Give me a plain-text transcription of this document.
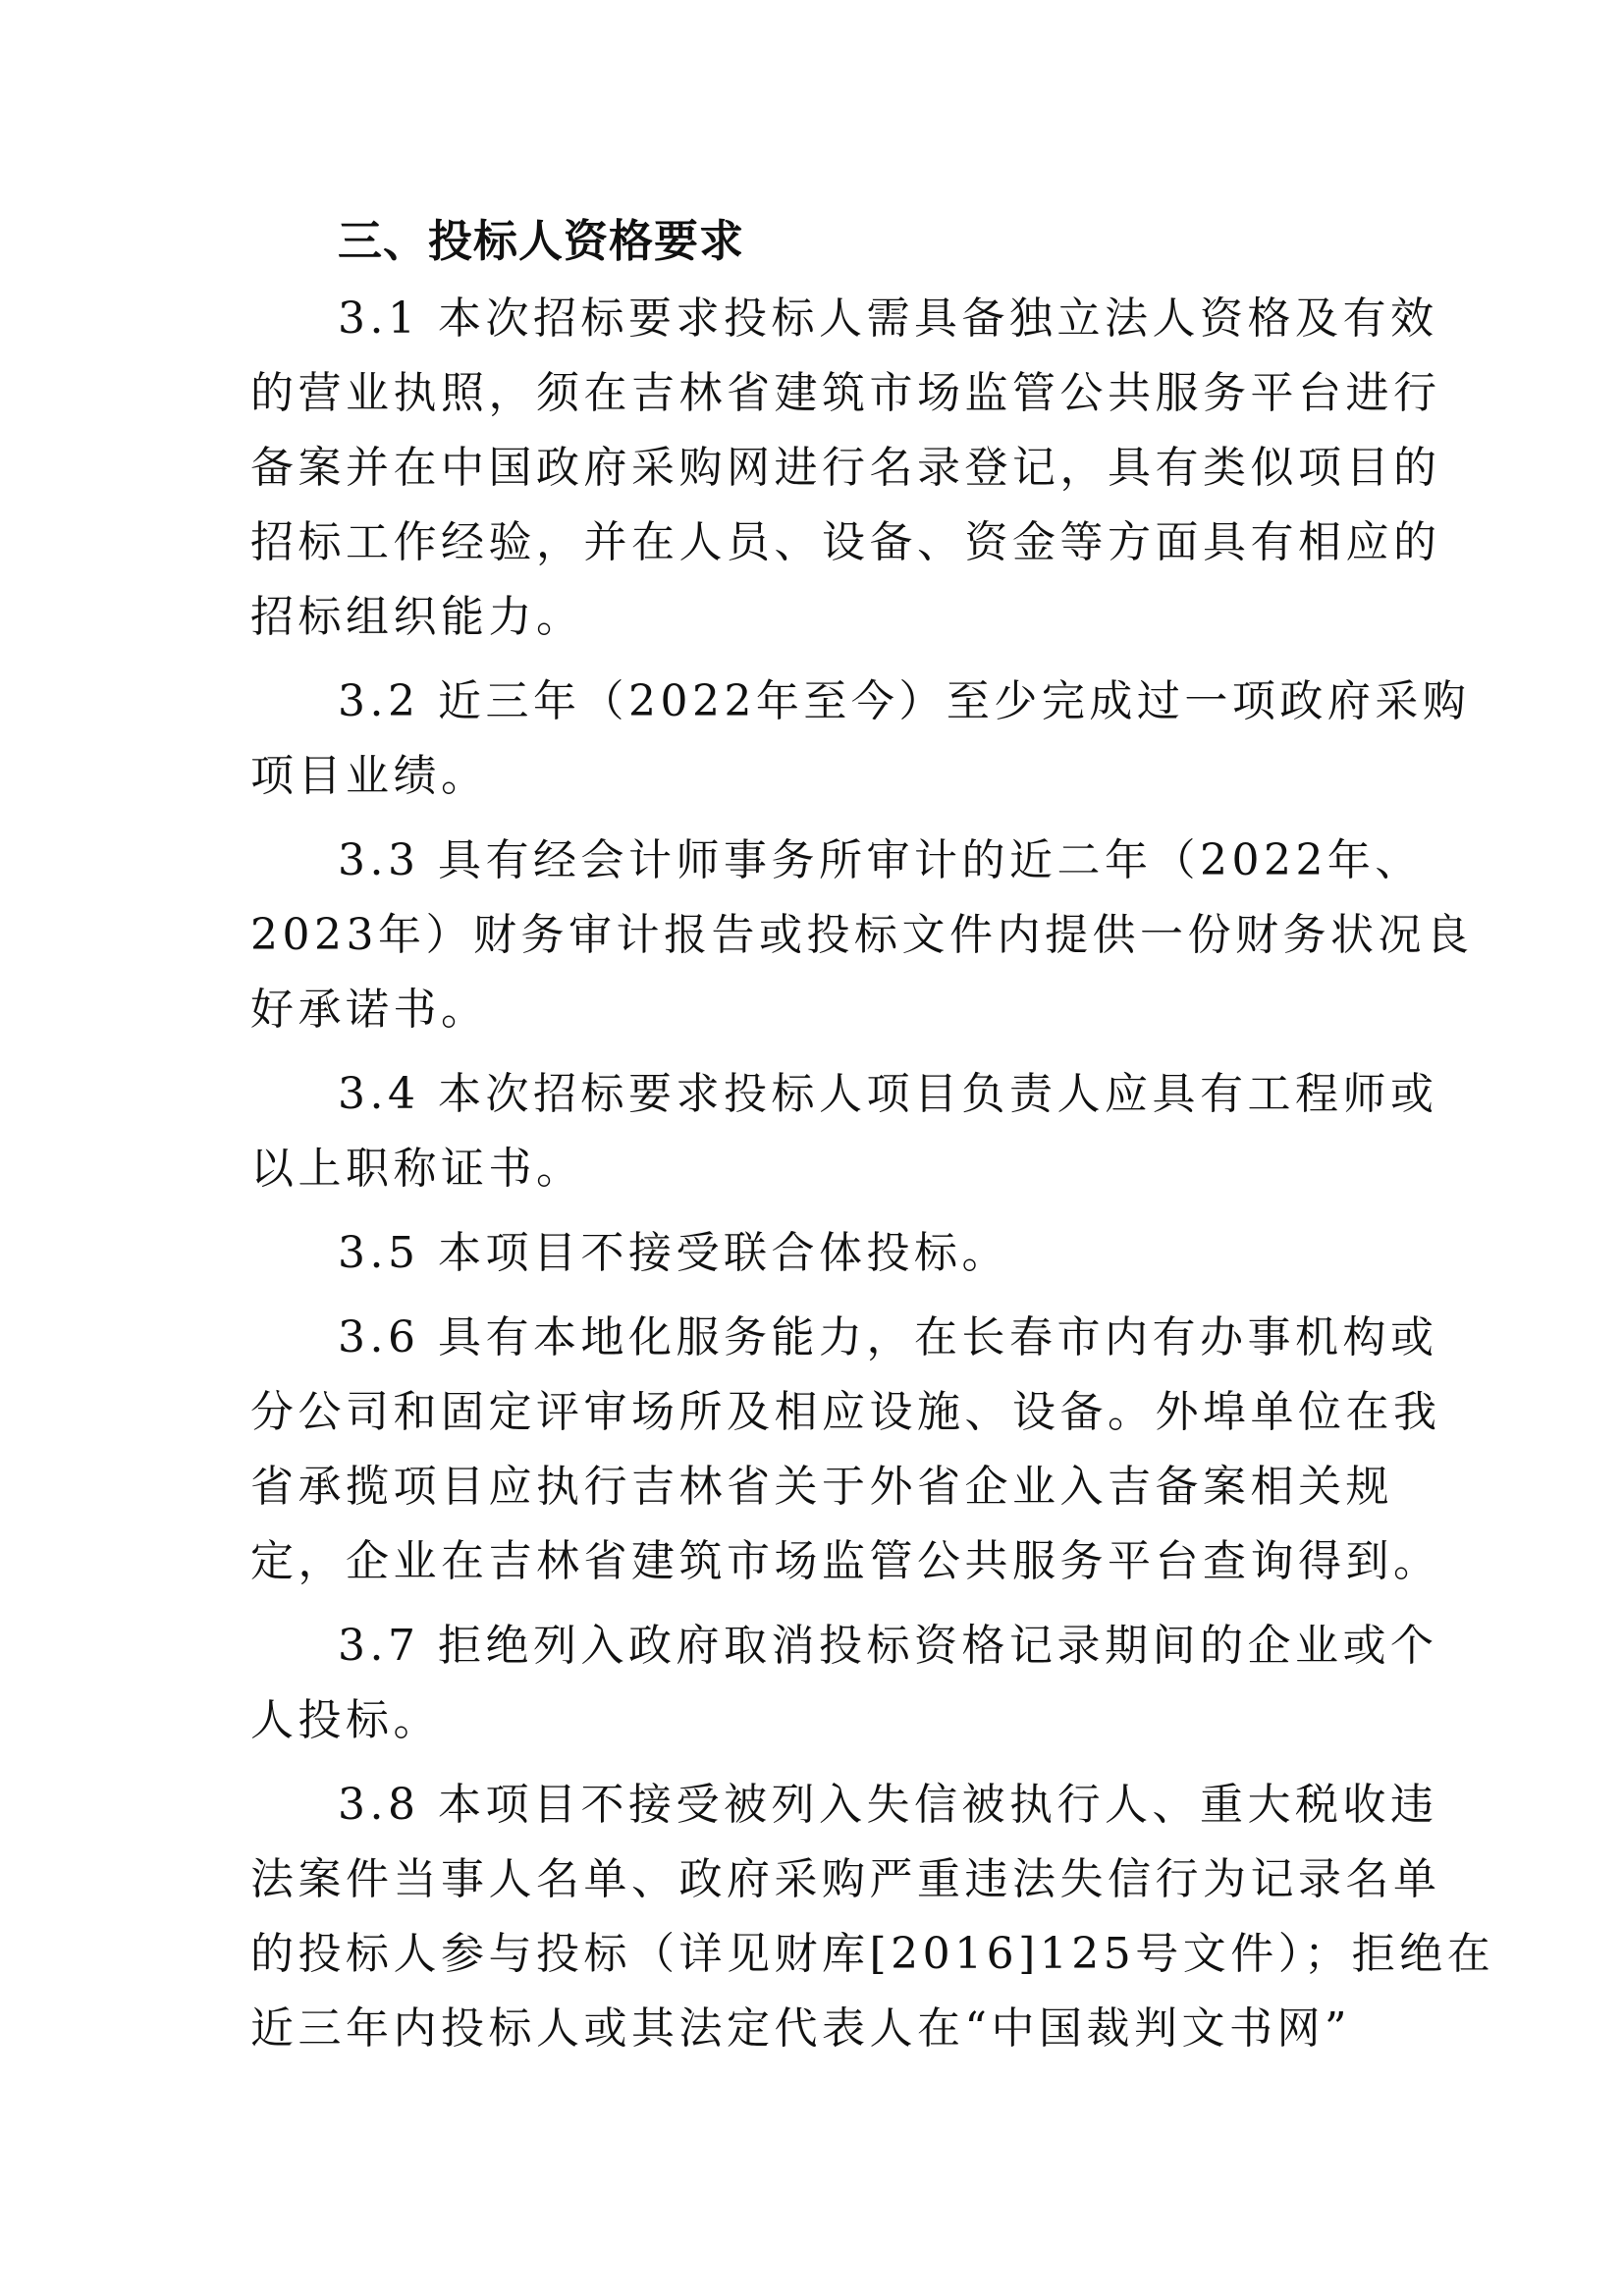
三、投标人资格要求
3.1 本次招标要求投标人需具备独立法人资格及有效
的营业执照，须在吉林省建筑市场监管公共服务平台进行
备案并在中国政府采购网进行名录登记，具有类似项目的
招标工作经验，并在人员、设备、资金等方面具有相应的
招标组织能力。
3.2 近三年（2022年至今）至少完成过一项政府采购
项目业绩。
3.3 具有经会计师事务所审计的近二年（2022年、
2023年）财务审计报告或投标文件内提供一份财务状况良
好承诺书。
3.4 本次招标要求投标人项目负责人应具有工程师或
以上职称证书。
3.5 本项目不接受联合体投标。
3.6 具有本地化服务能力，在长春市内有办事机构或
分公司和固定评审场所及相应设施、设备。外埠单位在我
省承揽项目应执行吉林省关于外省企业入吉备案相关规
定，企业在吉林省建筑市场监管公共服务平台查询得到。
3.7 拒绝列入政府取消投标资格记录期间的企业或个
人投标。
3.8 本项目不接受被列入失信被执行人、重大税收违
法案件当事人名单、政府采购严重违法失信行为记录名单
的投标人参与投标（详见财库[2016]125号文件）；拒绝在
近三年内投标人或其法定代表人在“中国裁判文书网”
